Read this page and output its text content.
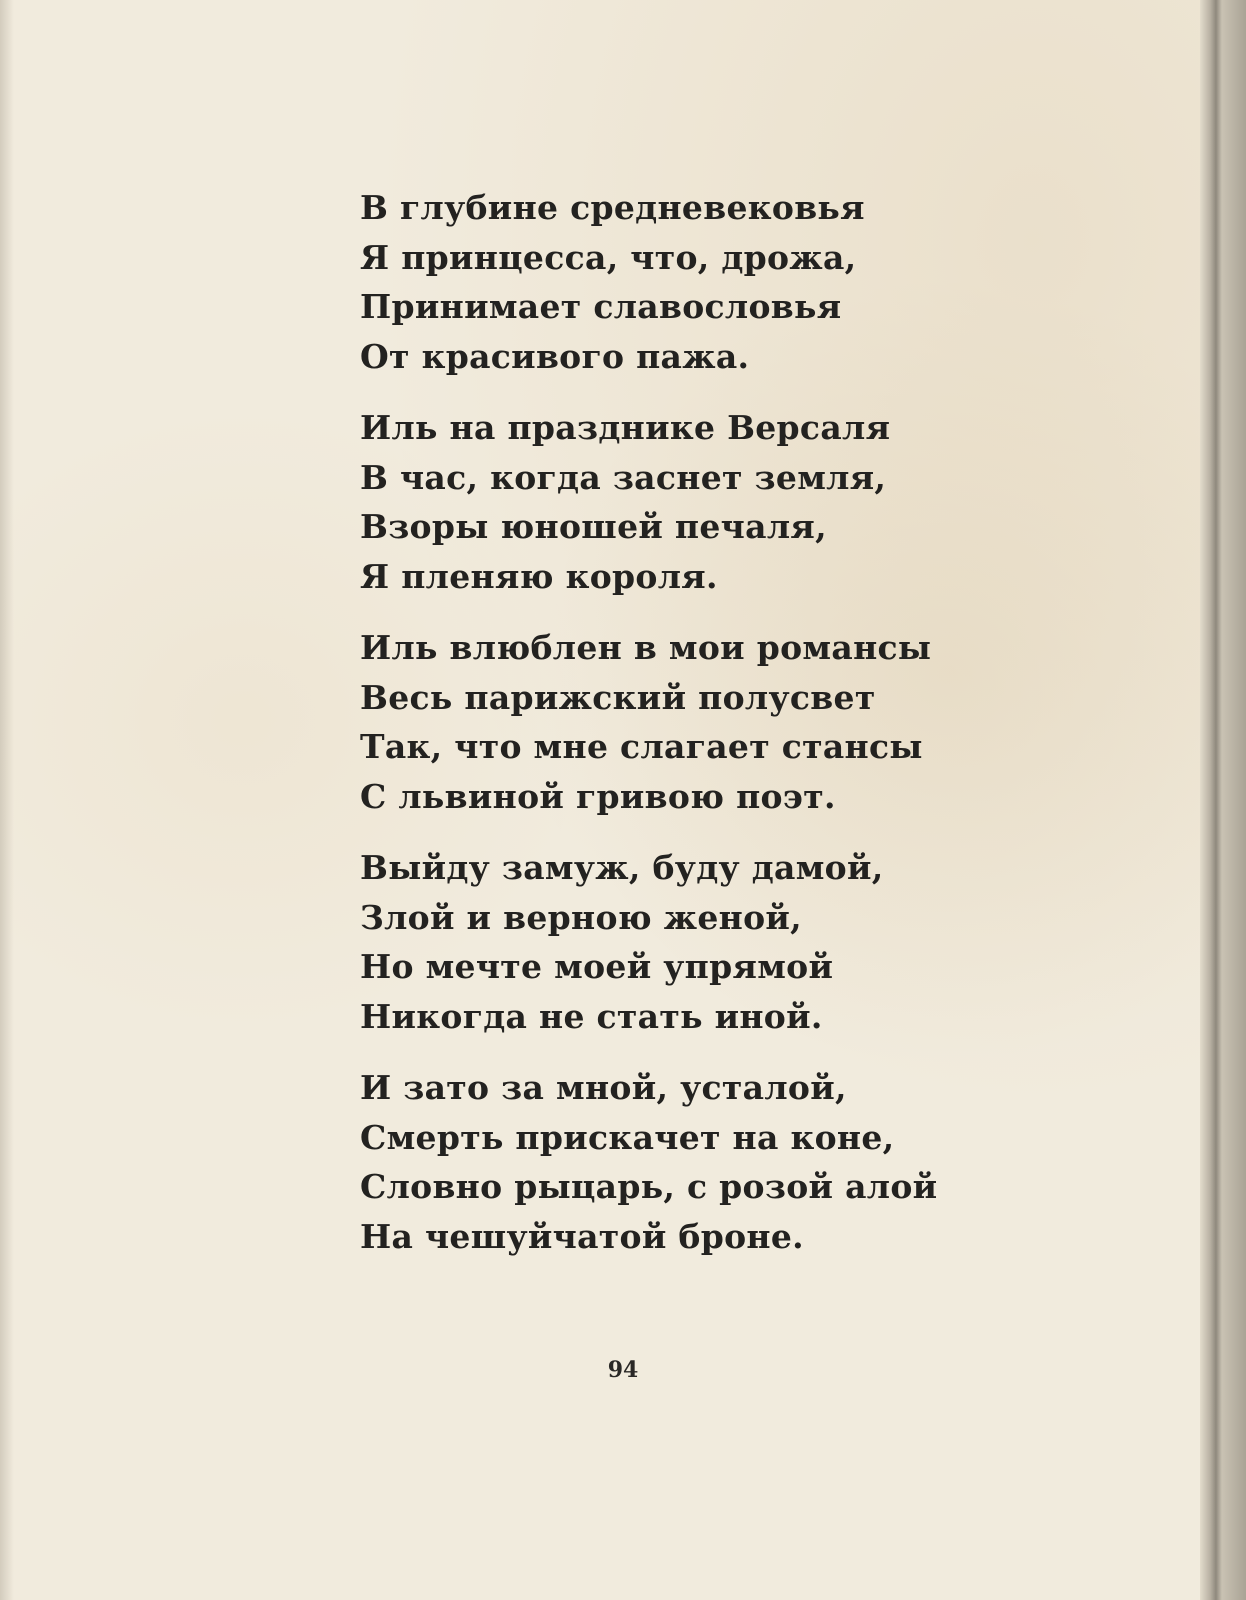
В глубине средневековья
Я принцесса, что, дрожа,
Принимает славословья
От красивого пажа.
Иль на празднике Версаля
В час, когда заснет земля,
Взоры юношей печаля,
Я пленяю короля.
Иль влюблен в мои романсы
Весь парижский полусвет
Так, что мне слагает стансы
С львиной гривою поэт.
Выйду замуж, буду дамой,
Злой и верною женой,
Но мечте моей упрямой
Никогда не стать иной.
И зато за мной, усталой,
Смерть прискачет на коне,
Словно рыцарь, с розой алой
На чешуйчатой броне.
94
